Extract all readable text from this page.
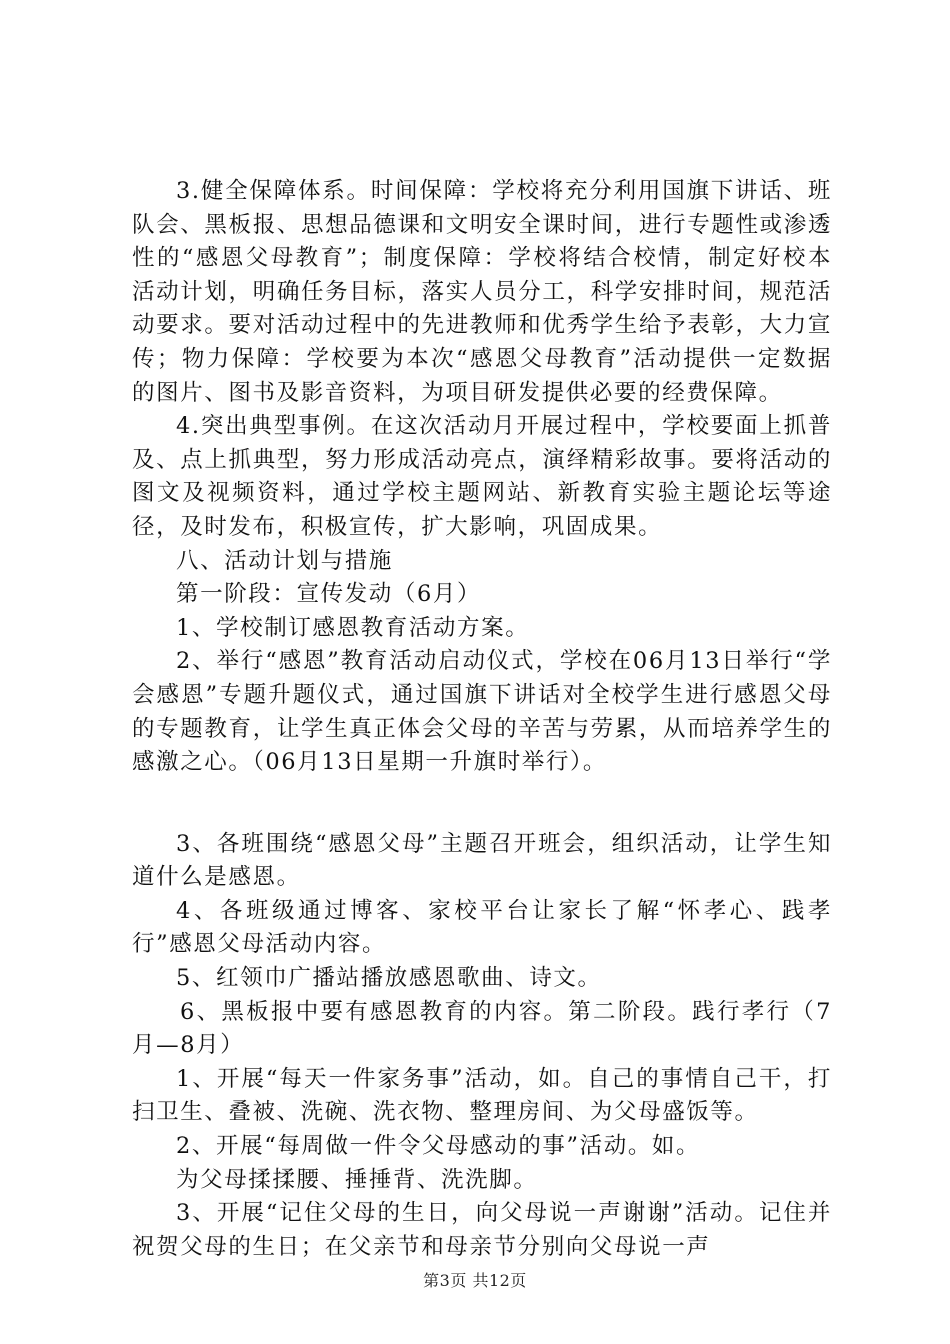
3.健全保障体系。时间保障：学校将充分利用国旗下讲话、班队会、黑板报、思想品德课和文明安全课时间，进行专题性或渗透性的“感恩父母教育”；制度保障：学校将结合校情，制定好校本活动计划，明确任务目标，落实人员分工，科学安排时间，规范活动要求。要对活动过程中的先进教师和优秀学生给予表彰，大力宣传；物力保障：学校要为本次“感恩父母教育”活动提供一定数据的图片、图书及影音资料，为项目研发提供必要的经费保障。

4.突出典型事例。在这次活动月开展过程中，学校要面上抓普及、点上抓典型，努力形成活动亮点，演绎精彩故事。要将活动的图文及视频资料，通过学校主题网站、新教育实验主题论坛等途径，及时发布，积极宣传，扩大影响，巩固成果。

八、活动计划与措施

第一阶段：宣传发动（6月）

1、学校制订感恩教育活动方案。

2、举行“感恩”教育活动启动仪式，学校在06月13日举行“学会感恩”专题升题仪式，通过国旗下讲话对全校学生进行感恩父母的专题教育，让学生真正体会父母的辛苦与劳累，从而培养学生的感激之心。（06月13日星期一升旗时举行）。

3、各班围绕“感恩父母”主题召开班会，组织活动，让学生知道什么是感恩。

4、各班级通过博客、家校平台让家长了解“怀孝心、践孝行”感恩父母活动内容。

5、红领巾广播站播放感恩歌曲、诗文。

6、黑板报中要有感恩教育的内容。第二阶段。践行孝行（7月—8月）

1、开展“每天一件家务事”活动，如。自己的事情自己干，打扫卫生、叠被、洗碗、洗衣物、整理房间、为父母盛饭等。

2、开展“每周做一件令父母感动的事”活动。如。

为父母揉揉腰、捶捶背、洗洗脚。

3、开展“记住父母的生日，向父母说一声谢谢”活动。记住并祝贺父母的生日；在父亲节和母亲节分别向父母说一声

第3页 共12页
